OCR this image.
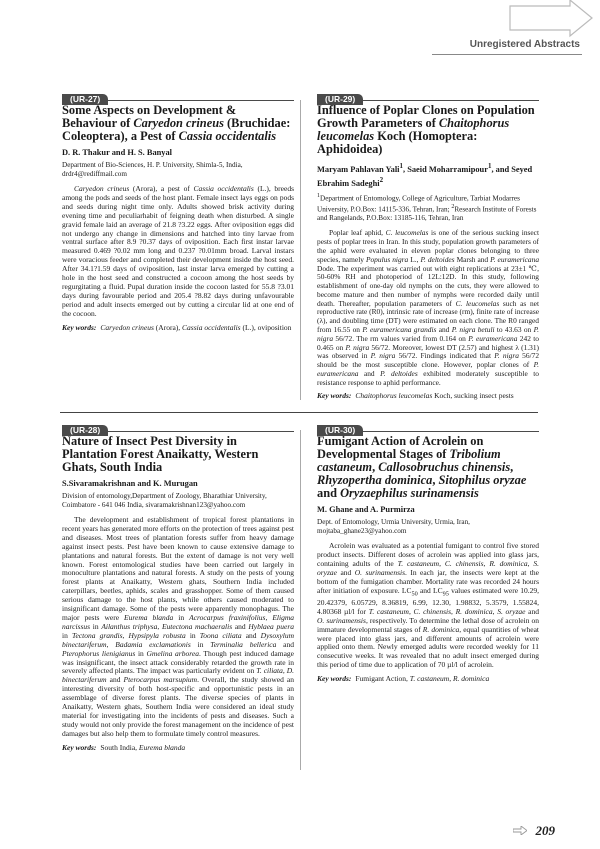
Unregistered Abstracts
(UR-27)
Some Aspects on Development & Behaviour of Caryedon crineus (Bruchidae: Coleoptera), a Pest of Cassia occidentalis
D. R. Thakur and H. S. Banyal
Department of Bio-Sciences, H. P. University, Shimla-5, India,
drdr4@rediffmail.com

Caryedon crineus (Arora), a pest of Cassia occidentalis (L.), breeds among the pods and seeds of the host plant. Female insect lays eggs on pods and seeds during night time only. Adults showed brisk activity during evening time and peculiarhabit of feigning death when disturbed. A single gravid female laid an average of 21.8 ?3.22 eggs. After oviposition eggs did not undergo any change in dimensions and hatched into tiny larvae from ventral surface after 8.9 ?0.37 days of oviposition. Each first instar larvae measured 0.469 ?0.02 mm long and 0.237 ?0.01mm broad. Larval instars were voracious feeder and completed their development inside the host seed. After 34.1?1.59 days of oviposition, last instar larva emerged by cutting a hole in the host seed and constructed a cocoon among the host seeds by regurgitating a fluid. Pupal duration inside the cocoon lasted for 55.8 ?3.01 days during favourable period and 205.4 ?8.82 days during unfavourable period and adult insects emerged out by cutting a circular lid at one end of the cocoon.

Key words: Caryedon crineus (Arora), Cassia occidentalis (L.), oviposition
(UR-29)
Influence of Poplar Clones on Population Growth Parameters of Chaitophorus leucomelas Koch (Homoptera: Aphidoidea)
Maryam Pahlavan Yali$^1$, Saeid Moharramipour$^1$, and Seyed Ebrahim Sadeghi$^2$
$^1$Department of Entomology, College of Agriculture, Tarbiat Modarres University, P.O.Box: 14115-336, Tehran, Iran; $^2$Research Institute of Forests and Rangelands, P.O.Box: 13185-116, Tehran, Iran

Poplar leaf aphid, C. leucomelas is one of the serious sucking insect pests of poplar trees in Iran. In this study, population growth parameters of the aphid were evaluated in eleven poplar clones belonging to three species, namely Populus nigra L., P. deltoides Marsh and P. euramericana Dode. The experiment was carried out with eight replications at 23±1 ℃, 50-60% RH and photoperiod of 12L:12D. In this study, following establishment of one-day old nymphs on the cuts, they were allowed to become mature and then number of nymphs were recorded daily until death. Thereafter, population parameters of C. leucomelas such as net reproductive rate (R0), intrinsic rate of increase (rm), finite rate of increase (λ), and doubling time (DT) were estimated on each clone. The R0 ranged from 16.55 on P. euramericana grandis and P. nigra betuli to 43.63 on P. nigra 56/72. The rm values varied from 0.164 on P. euramericana 242 to 0.465 on P. nigra 56/72. Moreover, lowest DT (2.57) and highest λ (1.31) was observed in P. nigra 56/72. Findings indicated that P. nigra 56/72 should be the most susceptible clone. However, poplar clones of P. euramericana and P. deltoides exhibited moderately susceptible to resistance response to aphid performance.

Key words: Chaitophorus leucomelas Koch, sucking insect pests
(UR-28)
Nature of Insect Pest Diversity in Plantation Forest Anaikatty, Western Ghats, South India
S.Sivaramakrishnan and K. Murugan
Division of entomology,Department of Zoology, Bharathiar University, Coimbatore - 641 046 India, sivaramakrishnan123@yahoo.com

The development and establishment of tropical forest plantations in recent years has generated more efforts on the protection of trees against pest and diseases. Most trees of plantation forests suffer from heavy damage against insect pests. Pest have been known to cause extensive damage to plantations and natural forests. But the extent of damage is not very well known. Forest entomological studies have been carried out largely in monoculture plantations and natural forests. A study on the pests of young forest plants at Anaikatty, Western ghats, Southern India included caterpillars, beetles, aphids, scales and grasshopper. Some of them caused serious damage to the host plants, while others caused moderated to insignificant damage. Some of the pests were apparently monophagus. The major pests were Eurema blanda in Acrocarpus fraxinifolius, Eligma narcissus in Ailanthus triphysa, Eutectona machaeralis and Hyblaea puera in Tectona grandis, Hypsipyla robusta in Toona ciliata and Dysoxylum binectariferum, Badamia exclamationis in Terminalia bellerica and Pterophorus lienigianus in Gmelina arborea. Though pest induced damage was insignificant, the insect attack considerably retarded the growth rate in severely affected plants. The impact was particularly evident on T. ciliata, D. binectariferum and Pterocarpus marsupium. Overall, the study showed an interesting diversity of both host-specific and opportunistic pests in an assemblage of diverse forest plants. The diverse species of plants in Anaikatty, Western ghats, Southern India were considered an ideal study material for investigating into the incidents of pests and diseases. Such a study would not only provide the forest management on the incidence of pest damages but also help them to formulate timely control measures.

Key words: South India, Eurema blanda
(UR-30)
Fumigant Action of Acrolein on Developmental Stages of Tribolium castaneum, Callosobruchus chinensis, Rhyzopertha dominica, Sitophilus oryzae and Oryzaephilus surinamensis
M. Ghane and A. Purmirza
Dept. of Entomology, Urmia University, Urmia, Iran,
mojtaba_ghane23@yahoo.com

Acrolein was evaluated as a potential fumigant to control five stored product insects. Different doses of acrolein was applied into glass jars, containing adults of the T. castaneum, C. chinensis, R. dominica, S. oryzae and O. surinamensis. In each jar, the insects were kept at the bottom of the fumigation chamber. Mortality rate was recorded 24 hours after initiation of exposure. $LC_{50}$ and $LC_{95}$ values estimated were 10.29, 20.42379, 6.05729, 8.36819, 6.99, 12.30, 1.98832, 5.3579, 1.55824, 4.80368 µl/l for T. castaneum, C. chinensis, R. dominica, S. oryzae and O. surinamensis, respectively. To determine the lethal dose of acrolein on immature developmental stages of R. dominica, equal quantities of wheat were placed into glass jars, and different amounts of acrolein were applied onto them. Newly emerged adults were recorded weekly for 11 consecutive weeks. It was revealed that no adult insect emerged during this period of time due to application of 70 µl/l of acrolein.

Key words: Fumigant Action, T. castaneum, R. dominica
209
